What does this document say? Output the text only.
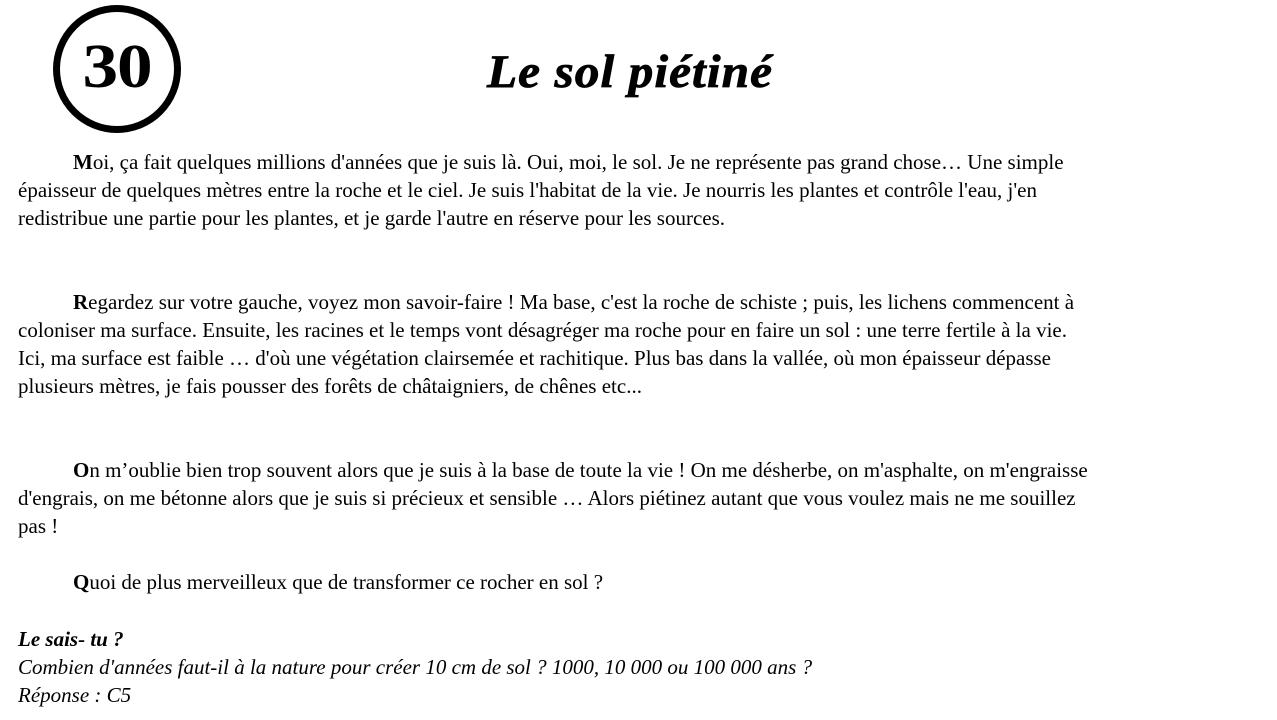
30	Le sol piétiné

Moi, ça fait quelques millions d'années que je suis là. Oui, moi, le sol. Je ne représente pas grand chose… Une simple épaisseur de quelques mètres entre la roche et le ciel. Je suis l'habitat de la vie. Je nourris les plantes et contrôle l'eau, j'en redistribue une partie pour les plantes, et je garde l'autre en réserve pour les sources.

Regardez sur votre gauche, voyez mon savoir-faire ! Ma base, c'est la roche de schiste ; puis, les lichens commencent à coloniser ma surface. Ensuite, les racines et le temps vont désagréger ma roche pour en faire un sol : une terre fertile à la vie. Ici, ma surface est faible … d'où une végétation clairsemée et rachitique. Plus bas dans la vallée, où mon épaisseur dépasse plusieurs mètres, je fais pousser des forêts de châtaigniers, de chênes etc...

On m’oublie bien trop souvent alors que je suis à la base de toute la vie ! On me désherbe, on m'asphalte, on m'engraisse d'engrais, on me bétonne alors que je suis si précieux et sensible … Alors piétinez autant que vous voulez mais ne me souillez pas !

Quoi de plus merveilleux que de transformer ce rocher en sol ?

Le sais- tu ?
Combien d'années faut-il à la nature pour créer 10 cm de sol ? 1000, 10 000 ou 100 000 ans ?
Réponse : C5
